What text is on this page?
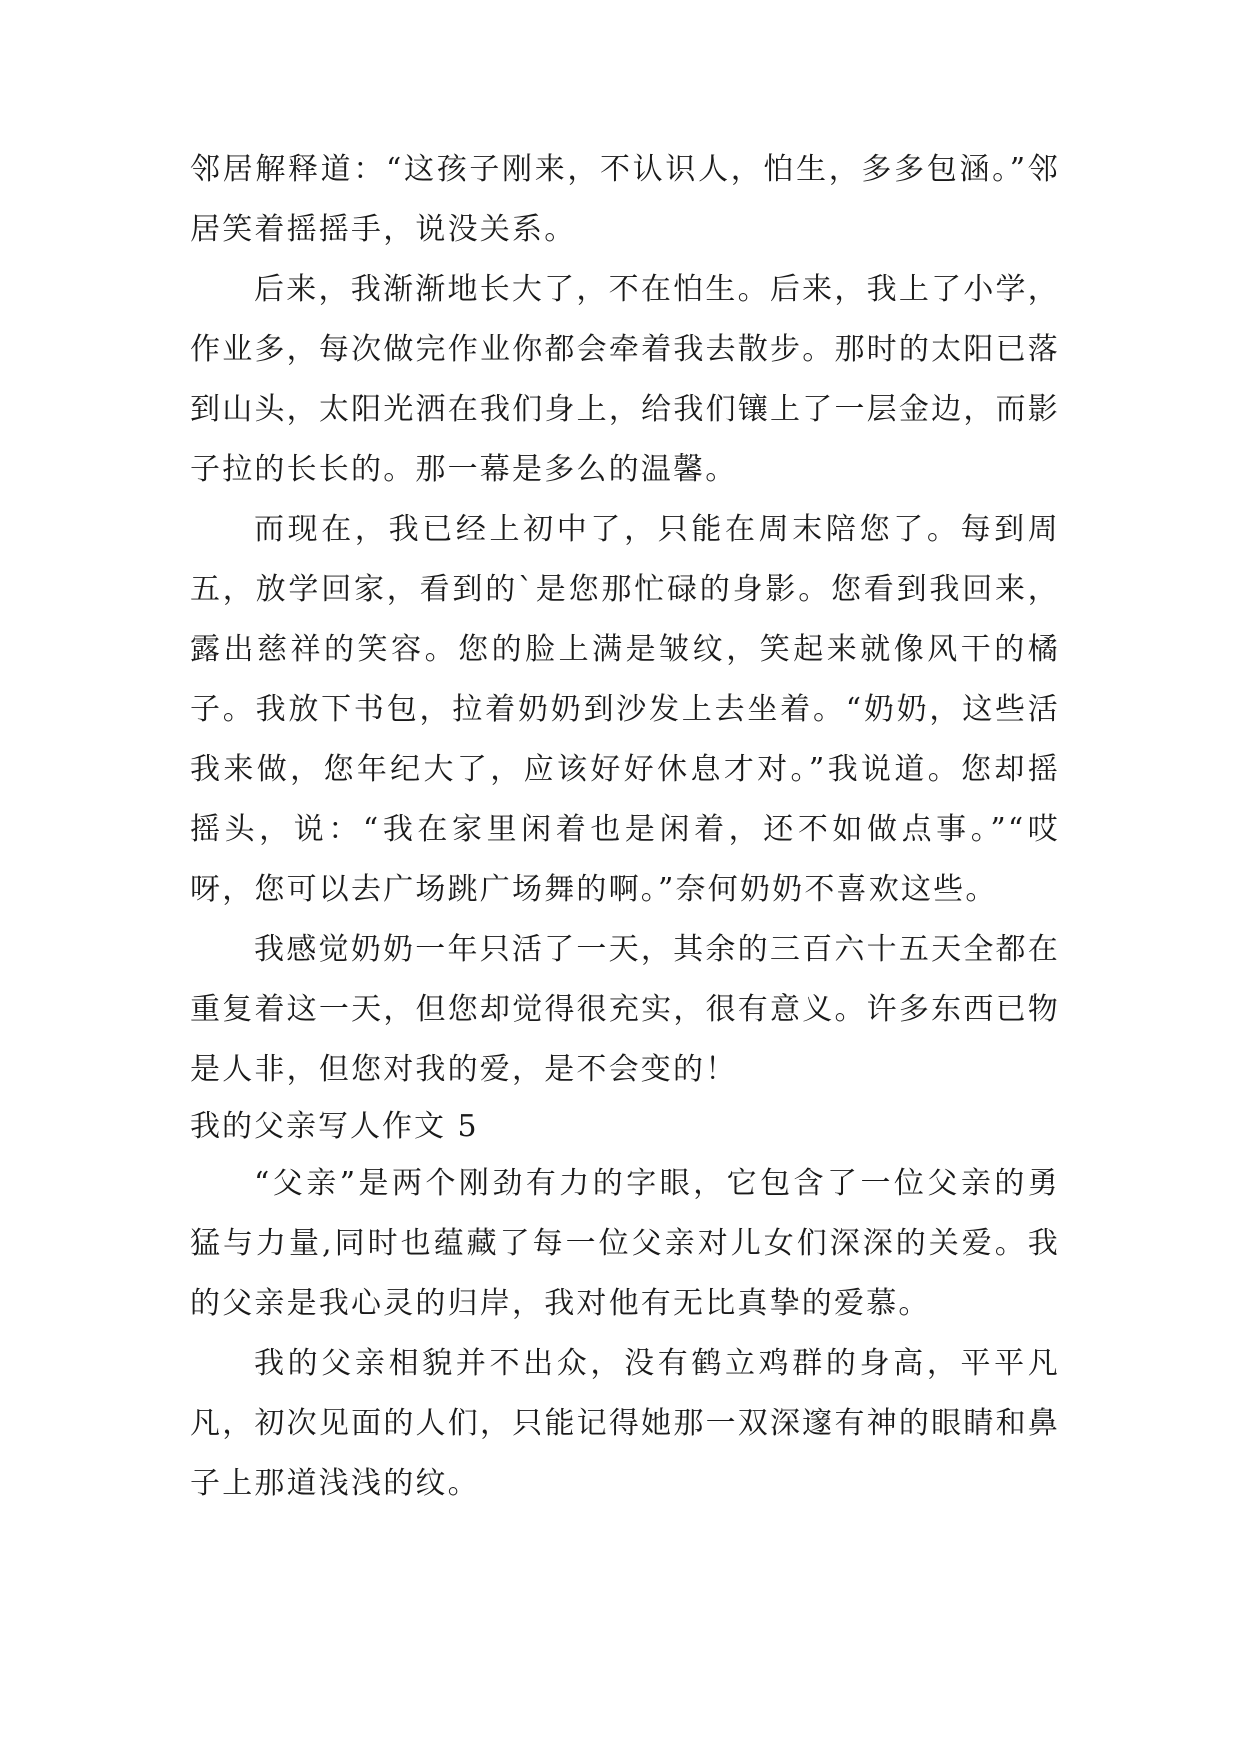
邻居解释道：“这孩子刚来，不认识人，怕生，多多包涵。”邻居笑着摇摇手，说没关系。

后来，我渐渐地长大了，不在怕生。后来，我上了小学，作业多，每次做完作业你都会牵着我去散步。那时的太阳已落到山头，太阳光洒在我们身上，给我们镶上了一层金边，而影子拉的长长的。那一幕是多么的温馨。

而现在，我已经上初中了，只能在周末陪您了。每到周五，放学回家，看到的`是您那忙碌的身影。您看到我回来，露出慈祥的笑容。您的脸上满是皱纹，笑起来就像风干的橘子。我放下书包，拉着奶奶到沙发上去坐着。“奶奶，这些活我来做，您年纪大了，应该好好休息才对。”我说道。您却摇摇头，说：“我在家里闲着也是闲着，还不如做点事。”“哎呀，您可以去广场跳广场舞的啊。”奈何奶奶不喜欢这些。

我感觉奶奶一年只活了一天，其余的三百六十五天全都在重复着这一天，但您却觉得很充实，很有意义。许多东西已物是人非，但您对我的爱，是不会变的！

我的父亲写人作文 5

“父亲”是两个刚劲有力的字眼，它包含了一位父亲的勇猛与力量,同时也蕴藏了每一位父亲对儿女们深深的关爱。我的父亲是我心灵的归岸，我对他有无比真挚的爱慕。

我的父亲相貌并不出众，没有鹤立鸡群的身高，平平凡凡，初次见面的人们，只能记得她那一双深邃有神的眼睛和鼻子上那道浅浅的纹。
